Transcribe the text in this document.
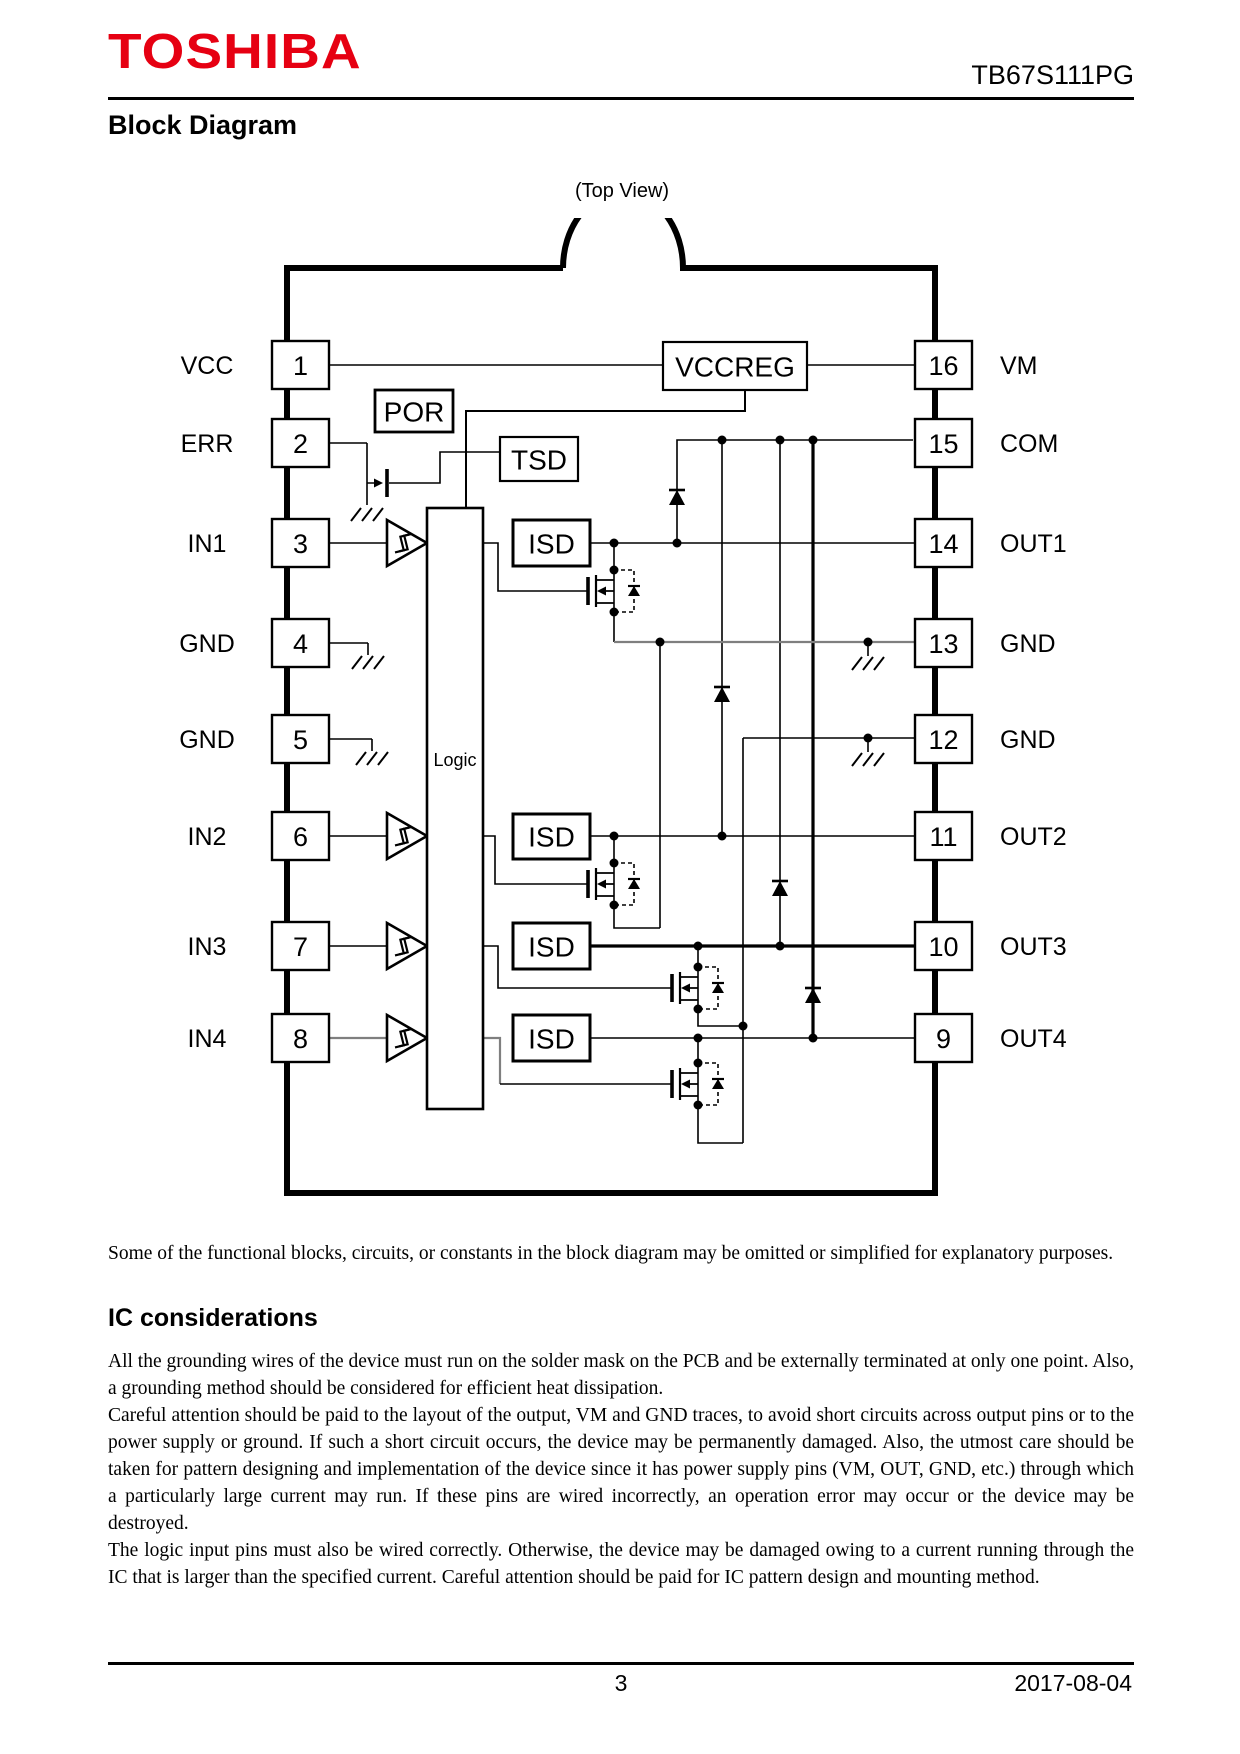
TOSHIBA	TB67S111PG
Block Diagram
(Top View)
VCCREG
POR
TSD
Logic
ISD
ISD
ISD
ISD
1
VCC	16 VM
2
ERR	15 COM
3
IN1	14 OUT1
4
GND	13 GND
5
GND	12 GND
6
IN2	11 OUT2
7
IN3	10 OUT3
8
IN4	9 OUT4
Some of the functional blocks, circuits, or constants in the block diagram may be omitted or simplified for explanatory purposes.
IC considerations

All the grounding wires of the device must run on the solder mask on the PCB and be externally terminated at only one point. Also, a grounding method should be considered for efficient heat dissipation.

Careful attention should be paid to the layout of the output, VM and GND traces, to avoid short circuits across output pins or to the power supply or ground. If such a short circuit occurs, the device may be permanently damaged. Also, the utmost care should be taken for pattern designing and implementation of the device since it has power supply pins (VM, OUT, GND, etc.) through which a particularly large current may run. If these pins are wired incorrectly, an operation error may occur or the device may be destroyed.

The logic input pins must also be wired correctly. Otherwise, the device may be damaged owing to a current running through the IC that is larger than the specified current. Careful attention should be paid for IC pattern design and mounting method.

3	2017-08-04
